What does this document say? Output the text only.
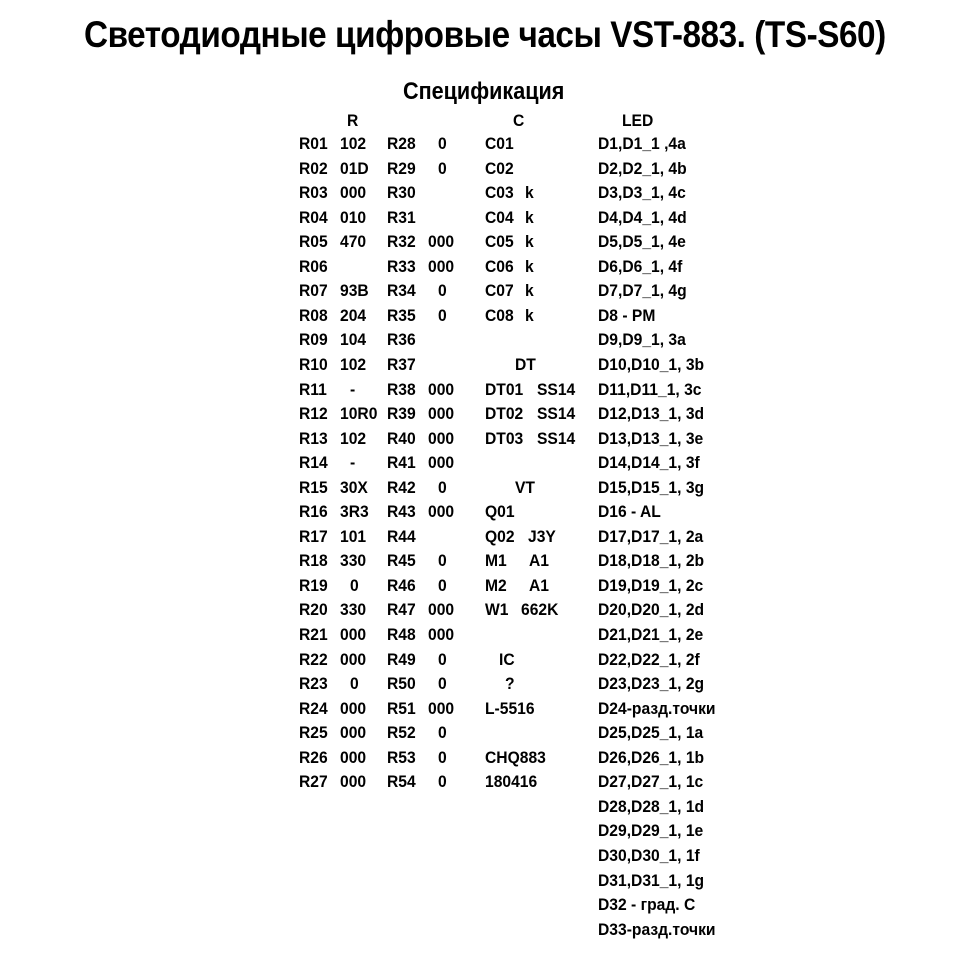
Светодиодные цифровые часы VST-883. (TS-S60)
Спецификация
R	C	LED
R01 102
R02 01D
R03 000
R04 010
R05 470
R06
R07 93B
R08 204
R09 104
R10 102
R11 -
R12 10R0
R13 102
R14 -
R15 30X
R16 3R3
R17 101
R18 330
R19 0
R20 330
R21 000
R22 000
R23 0
R24 000
R25 000
R26 000
R27 000
R28 0
R29 0
R30
R31
R32 000
R33 000
R34 0
R35 0
R36
R37
R38 000
R39 000
R40 000
R41 000
R42 0
R43 000
R44
R45 0
R46 0
R47 000
R48 000
R49 0
R50 0
R51 000
R52 0
R53 0
R54 0
C01
C02
C03 k
C04 k
C05 k
C06 k
C07 k
C08 k
DT
DT01 SS14
DT02 SS14
DT03 SS14
VT
Q01
Q02 J3Y
M1 A1
M2 A1
W1 662K
IC
?
L-5516
CHQ883
180416
D1,D1_1 ,4a
D2,D2_1, 4b
D3,D3_1, 4c
D4,D4_1, 4d
D5,D5_1, 4e
D6,D6_1, 4f
D7,D7_1, 4g
D8 - PM
D9,D9_1, 3a
D10,D10_1, 3b
D11,D11_1, 3c
D12,D13_1, 3d
D13,D13_1, 3e
D14,D14_1, 3f
D15,D15_1, 3g
D16 - AL
D17,D17_1, 2a
D18,D18_1, 2b
D19,D19_1, 2c
D20,D20_1, 2d
D21,D21_1, 2e
D22,D22_1, 2f
D23,D23_1, 2g
D24-разд.точки
D25,D25_1, 1a
D26,D26_1, 1b
D27,D27_1, 1c
D28,D28_1, 1d
D29,D29_1, 1e
D30,D30_1, 1f
D31,D31_1, 1g
D32 - град. С
D33-разд.точки
